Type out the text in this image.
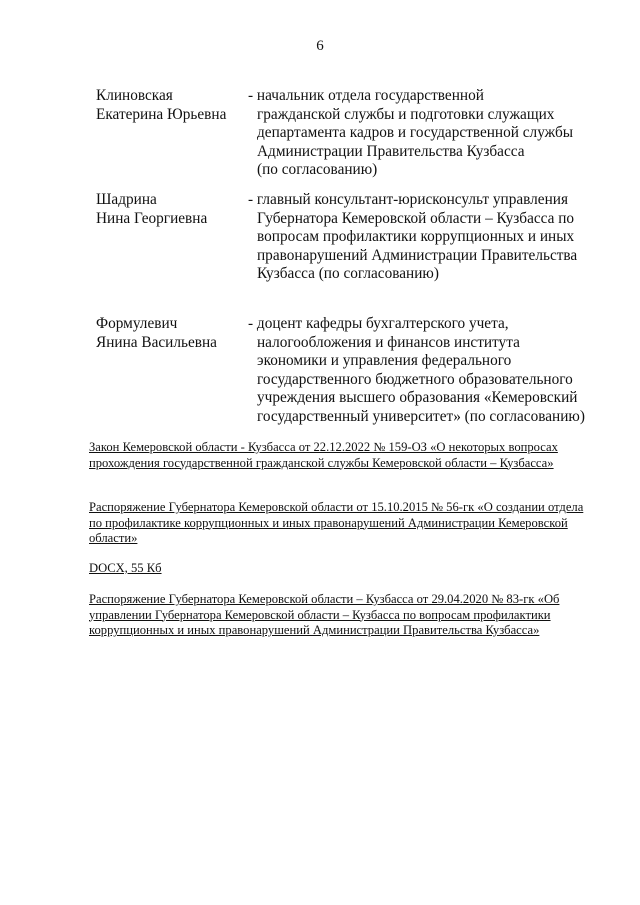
6
Клиновская
Екатерина Юрьевна
- начальник отдела государственной
гражданской службы и подготовки служащих
департамента кадров и государственной службы
Администрации Правительства Кузбасса
(по согласованию)
Шадрина
Нина Георгиевна
- главный консультант-юрисконсульт управления
Губернатора Кемеровской области – Кузбасса по
вопросам профилактики коррупционных и иных
правонарушений Администрации Правительства
Кузбасса (по согласованию)
Формулевич
Янина Васильевна
- доцент кафедры бухгалтерского учета,
налогообложения и финансов института
экономики и управления федерального
государственного бюджетного образовательного
учреждения высшего образования «Кемеровский
государственный университет» (по согласованию)
Закон Кемеровской области - Кузбасса от 22.12.2022 № 159-ОЗ «О некоторых вопросах
прохождения государственной гражданской службы Кемеровской области – Кузбасса»
Распоряжение Губернатора Кемеровской области от 15.10.2015 № 56-гк «О создании отдела
по профилактике коррупционных и иных правонарушений Администрации Кемеровской
области»
DOCX, 55 Кб
Распоряжение Губернатора Кемеровской области – Кузбасса от 29.04.2020 № 83-гк «Об
управлении Губернатора Кемеровской области – Кузбасса по вопросам профилактики
коррупционных и иных правонарушений Администрации Правительства Кузбасса»
